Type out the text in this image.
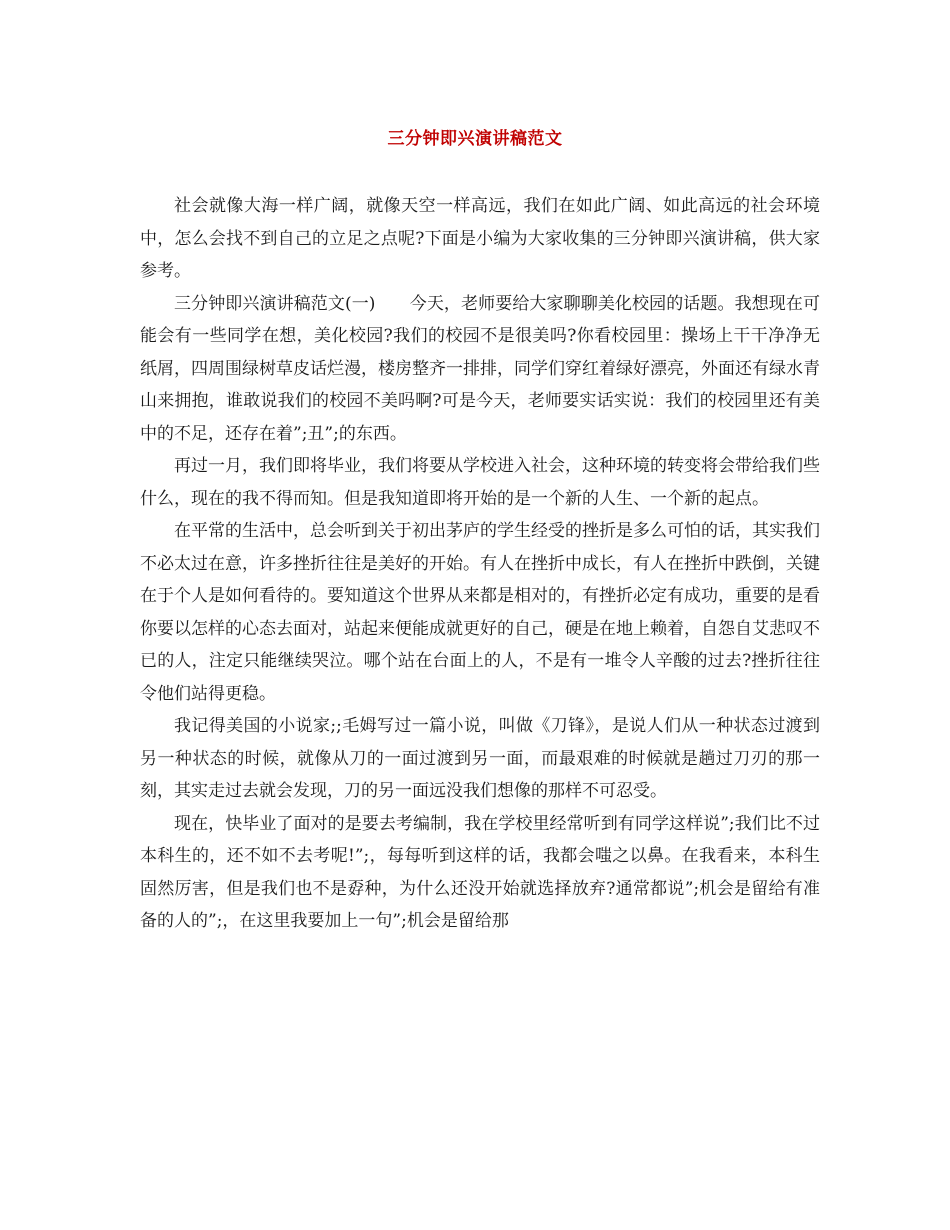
三分钟即兴演讲稿范文

社会就像大海一样广阔，就像天空一样高远，我们在如此广阔、如此高远的社会环境中，怎么会找不到自己的立足之点呢?下面是小编为大家收集的三分钟即兴演讲稿，供大家参考。

三分钟即兴演讲稿范文(一)　　今天，老师要给大家聊聊美化校园的话题。我想现在可能会有一些同学在想，美化校园?我们的校园不是很美吗?你看校园里：操场上干干净净无纸屑，四周围绿树草皮话烂漫，楼房整齐一排排，同学们穿红着绿好漂亮，外面还有绿水青山来拥抱，谁敢说我们的校园不美吗啊?可是今天，老师要实话实说：我们的校园里还有美中的不足，还存在着”;丑”;的东西。

再过一月，我们即将毕业，我们将要从学校进入社会，这种环境的转变将会带给我们些什么，现在的我不得而知。但是我知道即将开始的是一个新的人生、一个新的起点。

在平常的生活中，总会听到关于初出茅庐的学生经受的挫折是多么可怕的话，其实我们不必太过在意，许多挫折往往是美好的开始。有人在挫折中成长，有人在挫折中跌倒，关键在于个人是如何看待的。要知道这个世界从来都是相对的，有挫折必定有成功，重要的是看你要以怎样的心态去面对，站起来便能成就更好的自己，硬是在地上赖着，自怨自艾悲叹不已的人，注定只能继续哭泣。哪个站在台面上的人，不是有一堆令人辛酸的过去?挫折往往令他们站得更稳。

我记得美国的小说家;;毛姆写过一篇小说，叫做《刀锋》，是说人们从一种状态过渡到另一种状态的时候，就像从刀的一面过渡到另一面，而最艰难的时候就是趟过刀刃的那一刻，其实走过去就会发现，刀的另一面远没我们想像的那样不可忍受。

现在，快毕业了面对的是要去考编制，我在学校里经常听到有同学这样说”;我们比不过本科生的，还不如不去考呢!”;，每每听到这样的话，我都会嗤之以鼻。在我看来，本科生固然厉害，但是我们也不是孬种，为什么还没开始就选择放弃?通常都说”;机会是留给有准备的人的”;，在这里我要加上一句”;机会是留给那
